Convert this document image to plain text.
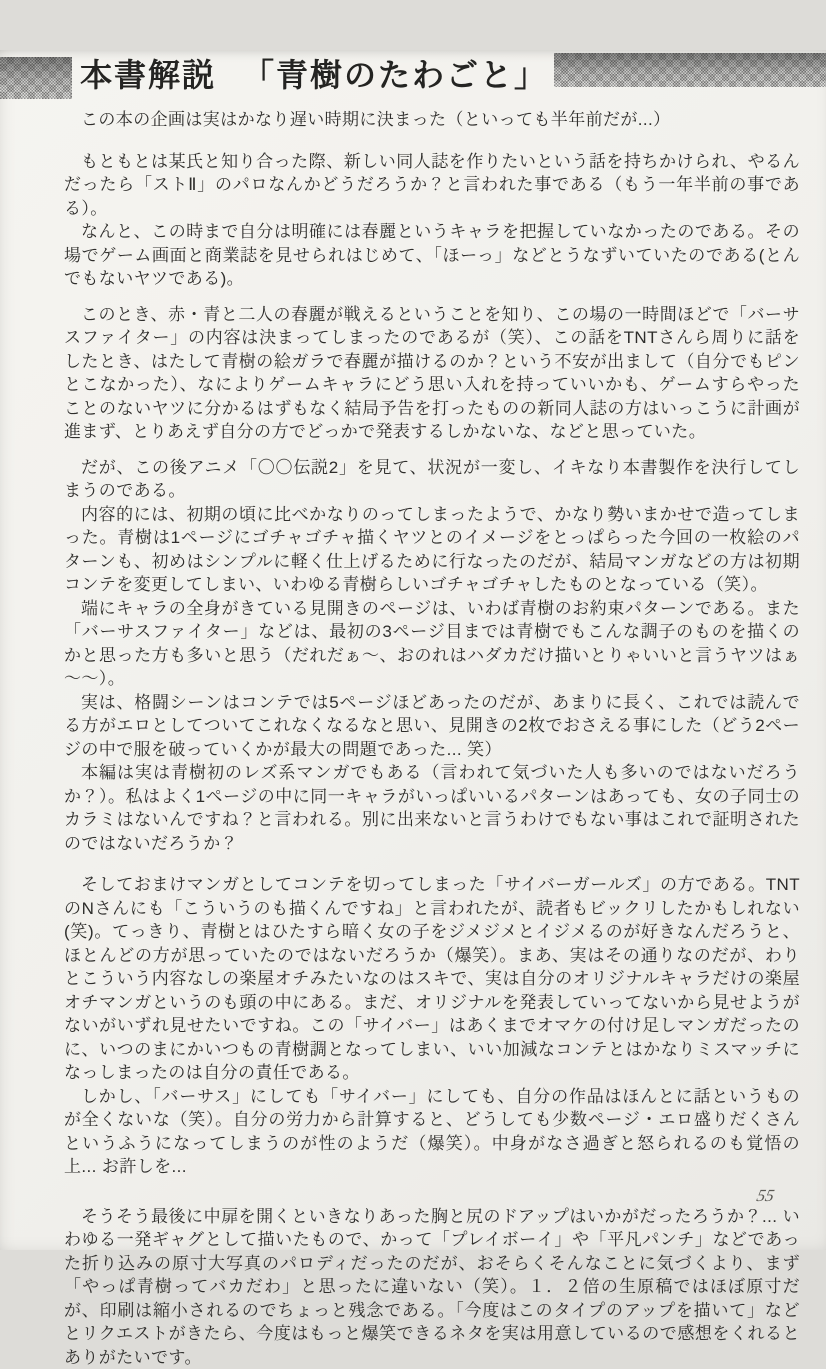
本書解説 「青樹のたわごと」

この本の企画は実はかなり遅い時期に決まった（といっても半年前だが...）

もともとは某氏と知り合った際、新しい同人誌を作りたいという話を持ちかけられ、やるんだったら「ストⅡ」のパロなんかどうだろうか？と言われた事である（もう一年半前の事である）。

なんと、この時まで自分は明確には春麗というキャラを把握していなかったのである。その場でゲーム画面と商業誌を見せられはじめて、「ほーっ」などとうなずいていたのである(とんでもないヤツである)。

このとき、赤・青と二人の春麗が戦えるということを知り、この場の一時間ほどで「バーサスファイター」の内容は決まってしまったのであるが（笑）、この話をTNTさんら周りに話をしたとき、はたして青樹の絵ガラで春麗が描けるのか？という不安が出まして（自分でもピンとこなかった）、なによりゲームキャラにどう思い入れを持っていいかも、ゲームすらやったことのないヤツに分かるはずもなく結局予告を打ったものの新同人誌の方はいっこうに計画が進まず、とりあえず自分の方でどっかで発表するしかないな、などと思っていた。

だが、この後アニメ「〇〇伝説2」を見て、状況が一変し、イキなり本書製作を決行してしまうのである。

内容的には、初期の頃に比べかなりのってしまったようで、かなり勢いまかせで造ってしまった。青樹は1ページにゴチャゴチャ描くヤツとのイメージをとっぱらった今回の一枚絵のパターンも、初めはシンプルに軽く仕上げるために行なったのだが、結局マンガなどの方は初期コンテを変更してしまい、いわゆる青樹らしいゴチャゴチャしたものとなっている（笑）。

端にキャラの全身がきている見開きのページは、いわば青樹のお約束パターンである。また「バーサスファイター」などは、最初の3ページ目までは青樹でもこんな調子のものを描くのかと思った方も多いと思う（だれだぁ～、おのれはハダカだけ描いとりゃいいと言うヤツはぁ～～）。

実は、格闘シーンはコンテでは5ページほどあったのだが、あまりに長く、これでは読んでる方がエロとしてついてこれなくなるなと思い、見開きの2枚でおさえる事にした（どう2ページの中で服を破っていくかが最大の問題であった... 笑）

本編は実は青樹初のレズ系マンガでもある（言われて気づいた人も多いのではないだろうか？）。私はよく1ページの中に同一キャラがいっぱいいるパターンはあっても、女の子同士のカラミはないんですね？と言われる。別に出来ないと言うわけでもない事はこれで証明されたのではないだろうか？

そしておまけマンガとしてコンテを切ってしまった「サイバーガールズ」の方である。TNTのNさんにも「こういうのも描くんですね」と言われたが、読者もビックリしたかもしれない(笑)。てっきり、青樹とはひたすら暗く女の子をジメジメとイジメるのが好きなんだろうと、ほとんどの方が思っていたのではないだろうか（爆笑）。まあ、実はその通りなのだが、わりとこういう内容なしの楽屋オチみたいなのはスキで、実は自分のオリジナルキャラだけの楽屋オチマンガというのも頭の中にある。まだ、オリジナルを発表していってないから見せようがないがいずれ見せたいですね。この「サイバー」はあくまでオマケの付け足しマンガだったのに、いつのまにかいつもの青樹調となってしまい、いい加減なコンテとはかなりミスマッチになっしまったのは自分の責任である。

しかし、「バーサス」にしても「サイバー」にしても、自分の作品はほんとに話というものが全くないな（笑）。自分の労力から計算すると、どうしても少数ページ・エロ盛りだくさんというふうになってしまうのが性のようだ（爆笑）。中身がなさ過ぎと怒られるのも覚悟の上... お許しを...

そうそう最後に中扉を開くといきなりあった胸と尻のドアップはいかがだったろうか？... いわゆる一発ギャグとして描いたもので、かって「プレイボーイ」や「平凡パンチ」などであった折り込みの原寸大写真のパロディだったのだが、おそらくそんなことに気づくより、まず「やっぱ青樹ってバカだわ」と思ったに違いない（笑）。１．２倍の生原稿ではほぼ原寸だが、印刷は縮小されるのでちょっと残念である。「今度はこのタイプのアップを描いて」などとリクエストがきたら、今度はもっと爆笑できるネタを実は用意しているので感想をくれるとありがたいです。

55
